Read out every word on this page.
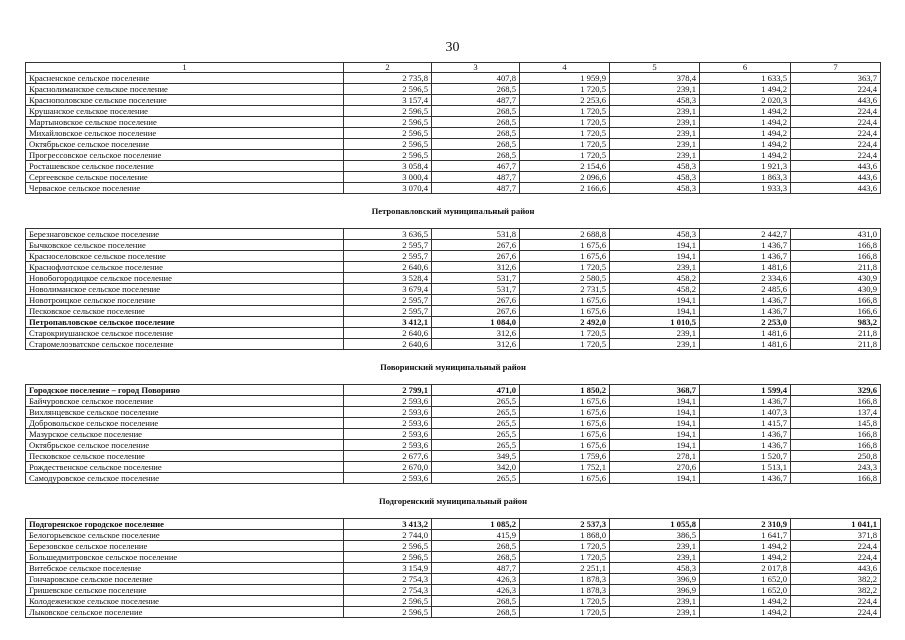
30
1	2	3	4	5	6	7
Красненское сельское поселение	2 735,8	407,8	1 959,9	378,4	1 633,5	363,7
Краснолиманское сельское поселение	2 596,5	268,5	1 720,5	239,1	1 494,2	224,4
Краснополовское сельское поселение	3 157,4	487,7	2 253,6	458,3	2 020,3	443,6
Крушанское сельское поселение	2 596,5	268,5	1 720,5	239,1	1 494,2	224,4
Мартыновское сельское поселение	2 596,5	268,5	1 720,5	239,1	1 494,2	224,4
Михайловское сельское поселение	2 596,5	268,5	1 720,5	239,1	1 494,2	224,4
Октябрьское сельское поселение	2 596,5	268,5	1 720,5	239,1	1 494,2	224,4
Прогрессовское сельское поселение	2 596,5	268,5	1 720,5	239,1	1 494,2	224,4
Росташевское сельское поселение	3 058,4	467,7	2 154,6	458,3	1 921,3	443,6
Сергеевское сельское поселение	3 000,4	487,7	2 096,6	458,3	1 863,3	443,6
Черваское сельское поселение	3 070,4	487,7	2 166,6	458,3	1 933,3	443,6
Петропавловский муниципальный район						
Березнаговское сельское поселение	3 636,5	531,8	2 688,8	458,3	2 442,7	431,0
Бычковское сельское поселение	2 595,7	267,6	1 675,6	194,1	1 436,7	166,8
Красноселовское сельское поселение	2 595,7	267,6	1 675,6	194,1	1 436,7	166,8
Краснофлотское сельское поселение	2 640,6	312,6	1 720,5	239,1	1 481,6	211,8
Новобогородицкое сельское поселение	3 528,4	531,7	2 580,5	458,2	2 334,6	430,9
Новолиманское сельское поселение	3 679,4	531,7	2 731,5	458,2	2 485,6	430,9
Новотроицкое сельское поселение	2 595,7	267,6	1 675,6	194,1	1 436,7	166,8
Песковское сельское поселение	2 595,7	267,6	1 675,6	194,1	1 436,7	166,6
Петропавловское сельское поселение	3 412,1	1 084,0	2 492,0	1 010,5	2 253,0	983,2
Старокриушанское сельское поселение	2 640,6	312,6	1 720,5	239,1	1 481,6	211,8
Старомелоэватское сельское поселение	2 640,6	312,6	1 720,5	239,1	1 481,6	211,8
Поворинский муниципальный район						
Городское поселение – город Поворино	2 799,1	471,0	1 850,2	368,7	1 599,4	329,6
Байчуровское сельское поселение	2 593,6	265,5	1 675,6	194,1	1 436,7	166,8
Вихлянцевское сельское поселение	2 593,6	265,5	1 675,6	194,1	1 407,3	137,4
Добровольское сельское поселение	2 593,6	265,5	1 675,6	194,1	1 415,7	145,8
Мазурское сельское поселение	2 593,6	265,5	1 675,6	194,1	1 436,7	166,8
Октябрьское сельское поселение	2 593,6	265,5	1 675,6	194,1	1 436,7	166,8
Песковское сельское поселение	2 677,6	349,5	1 759,6	278,1	1 520,7	250,8
Рождественское сельское поселение	2 670,0	342,0	1 752,1	270,6	1 513,1	243,3
Самодуровское сельское поселение	2 593,6	265,5	1 675,6	194,1	1 436,7	166,8
Подгоренский муниципальный район						
Подгоренское городское поселение	3 413,2	1 085,2	2 537,3	1 055,8	2 310,9	1 041,1
Белогорьевское сельское поселение	2 744,0	415,9	1 868,0	386,5	1 641,7	371,8
Березовское сельское поселение	2 596,5	268,5	1 720,5	239,1	1 494,2	224,4
Большедмитровское сельское поселение	2 596,5	268,5	1 720,5	239,1	1 494,2	224,4
Витебское сельское поселение	3 154,9	487,7	2 251,1	458,3	2 017,8	443,6
Гончаровское сельское поселение	2 754,3	426,3	1 878,3	396,9	1 652,0	382,2
Гришевское сельское поселение	2 754,3	426,3	1 878,3	396,9	1 652,0	382,2
Колодеженское сельское поселение	2 596,5	268,5	1 720,5	239,1	1 494,2	224,4
Лыковское сельское поселение	2 596,5	268,5	1 720,5	239,1	1 494,2	224,4
